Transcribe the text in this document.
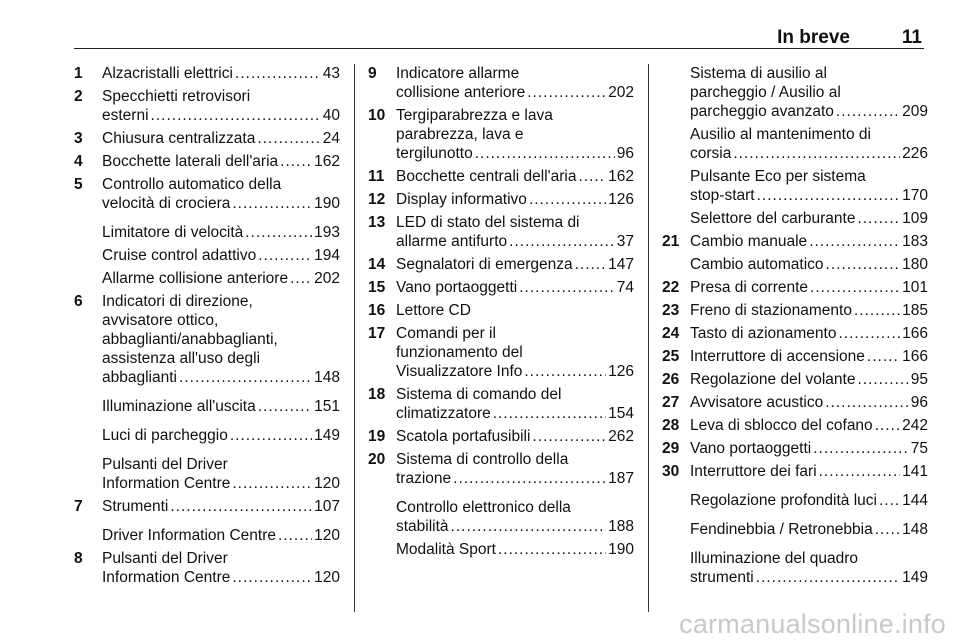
In breve	11
1	Alzacristalli elettrici .....	43
2	Specchietti retrovisori
esterni .....	40
3	Chiusura centralizzata .....	24
4	Bocchette laterali dell'aria ..... 162
5	Controllo automatico della
velocità di crociera .....	190
Limitatore di velocità .....	193
Cruise control adattivo .....	194
Allarme collisione anteriore ..... 202
6	Indicatori di direzione,
avvisatore ottico,
abbaglianti/anabbaglianti,
assistenza all'uso degli
abbaglianti .....	148
Illuminazione all'uscita .....	151
Luci di parcheggio .....	149
Pulsanti del Driver
Information Centre .....	120
7	Strumenti .....	107
Driver Information Centre ..... 120
8	Pulsanti del Driver
Information Centre .....	120
9	Indicatore allarme
collisione anteriore .....	202
10 Tergiparabrezza e lava
parabrezza, lava e
tergilunotto .....	96
11 Bocchette centrali dell'aria ..... 162
12 Display informativo .....	126
13 LED di stato del sistema di
allarme antifurto .....	37
14 Segnalatori di emergenza ..... 147
15 Vano portaoggetti .....	74
16 Lettore CD
17 Comandi per il
funzionamento del
Visualizzatore Info .....	126
18 Sistema di comando del
climatizzatore .....	154
19 Scatola portafusibili .....	262
20 Sistema di controllo della
trazione .....	187
Controllo elettronico della
stabilità .....	188
Modalità Sport .....	190
Sistema di ausilio al
parcheggio / Ausilio al
parcheggio avanzato .....	209
Ausilio al mantenimento di
corsia .....	226
Pulsante Eco per sistema
stop-start .....	170
Selettore del carburante .....	109
21 Cambio manuale .....	183
Cambio automatico .....	180
22 Presa di corrente .....	101
23 Freno di stazionamento .....	185
24 Tasto di azionamento .....	166
25 Interruttore di accensione ..... 166
26 Regolazione del volante .....	95
27 Avvisatore acustico .....	96
28 Leva di sblocco del cofano ..... 242
29 Vano portaoggetti .....	75
30 Interruttore dei fari .....	141
Regolazione profondità luci ..... 144
Fendinebbia / Retronebbia ..... 148
Illuminazione del quadro
strumenti .....	149
carmanualsonline.info
